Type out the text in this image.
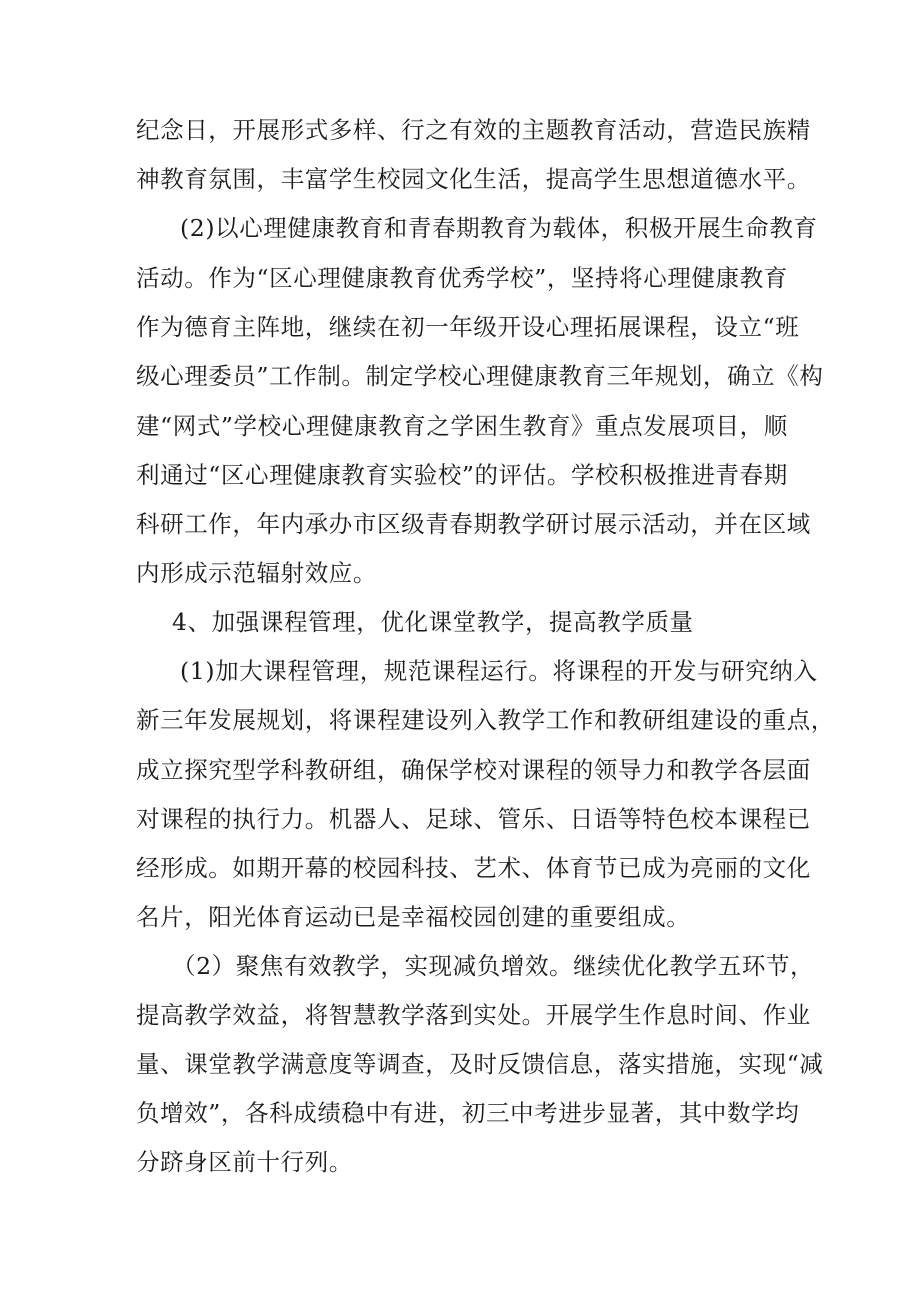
纪念日，开展形式多样、行之有效的主题教育活动，营造民族精
神教育氛围，丰富学生校园文化生活，提高学生思想道德水平。
(2)以心理健康教育和青春期教育为载体，积极开展生命教育
活动。作为“区心理健康教育优秀学校”，坚持将心理健康教育
作为德育主阵地，继续在初一年级开设心理拓展课程，设立“班
级心理委员”工作制。制定学校心理健康教育三年规划，确立《构
建“网式”学校心理健康教育之学困生教育》重点发展项目，顺
利通过“区心理健康教育实验校”的评估。学校积极推进青春期
科研工作，年内承办市区级青春期教学研讨展示活动，并在区域
内形成示范辐射效应。
4、加强课程管理，优化课堂教学，提高教学质量
(1)加大课程管理，规范课程运行。将课程的开发与研究纳入
新三年发展规划，将课程建设列入教学工作和教研组建设的重点，
成立探究型学科教研组，确保学校对课程的领导力和教学各层面
对课程的执行力。机器人、足球、管乐、日语等特色校本课程已
经形成。如期开幕的校园科技、艺术、体育节已成为亮丽的文化
名片，阳光体育运动已是幸福校园创建的重要组成。
（2）聚焦有效教学，实现减负增效。继续优化教学五环节，
提高教学效益，将智慧教学落到实处。开展学生作息时间、作业
量、课堂教学满意度等调查，及时反馈信息，落实措施，实现“减
负增效”，各科成绩稳中有进，初三中考进步显著，其中数学均
分跻身区前十行列。
